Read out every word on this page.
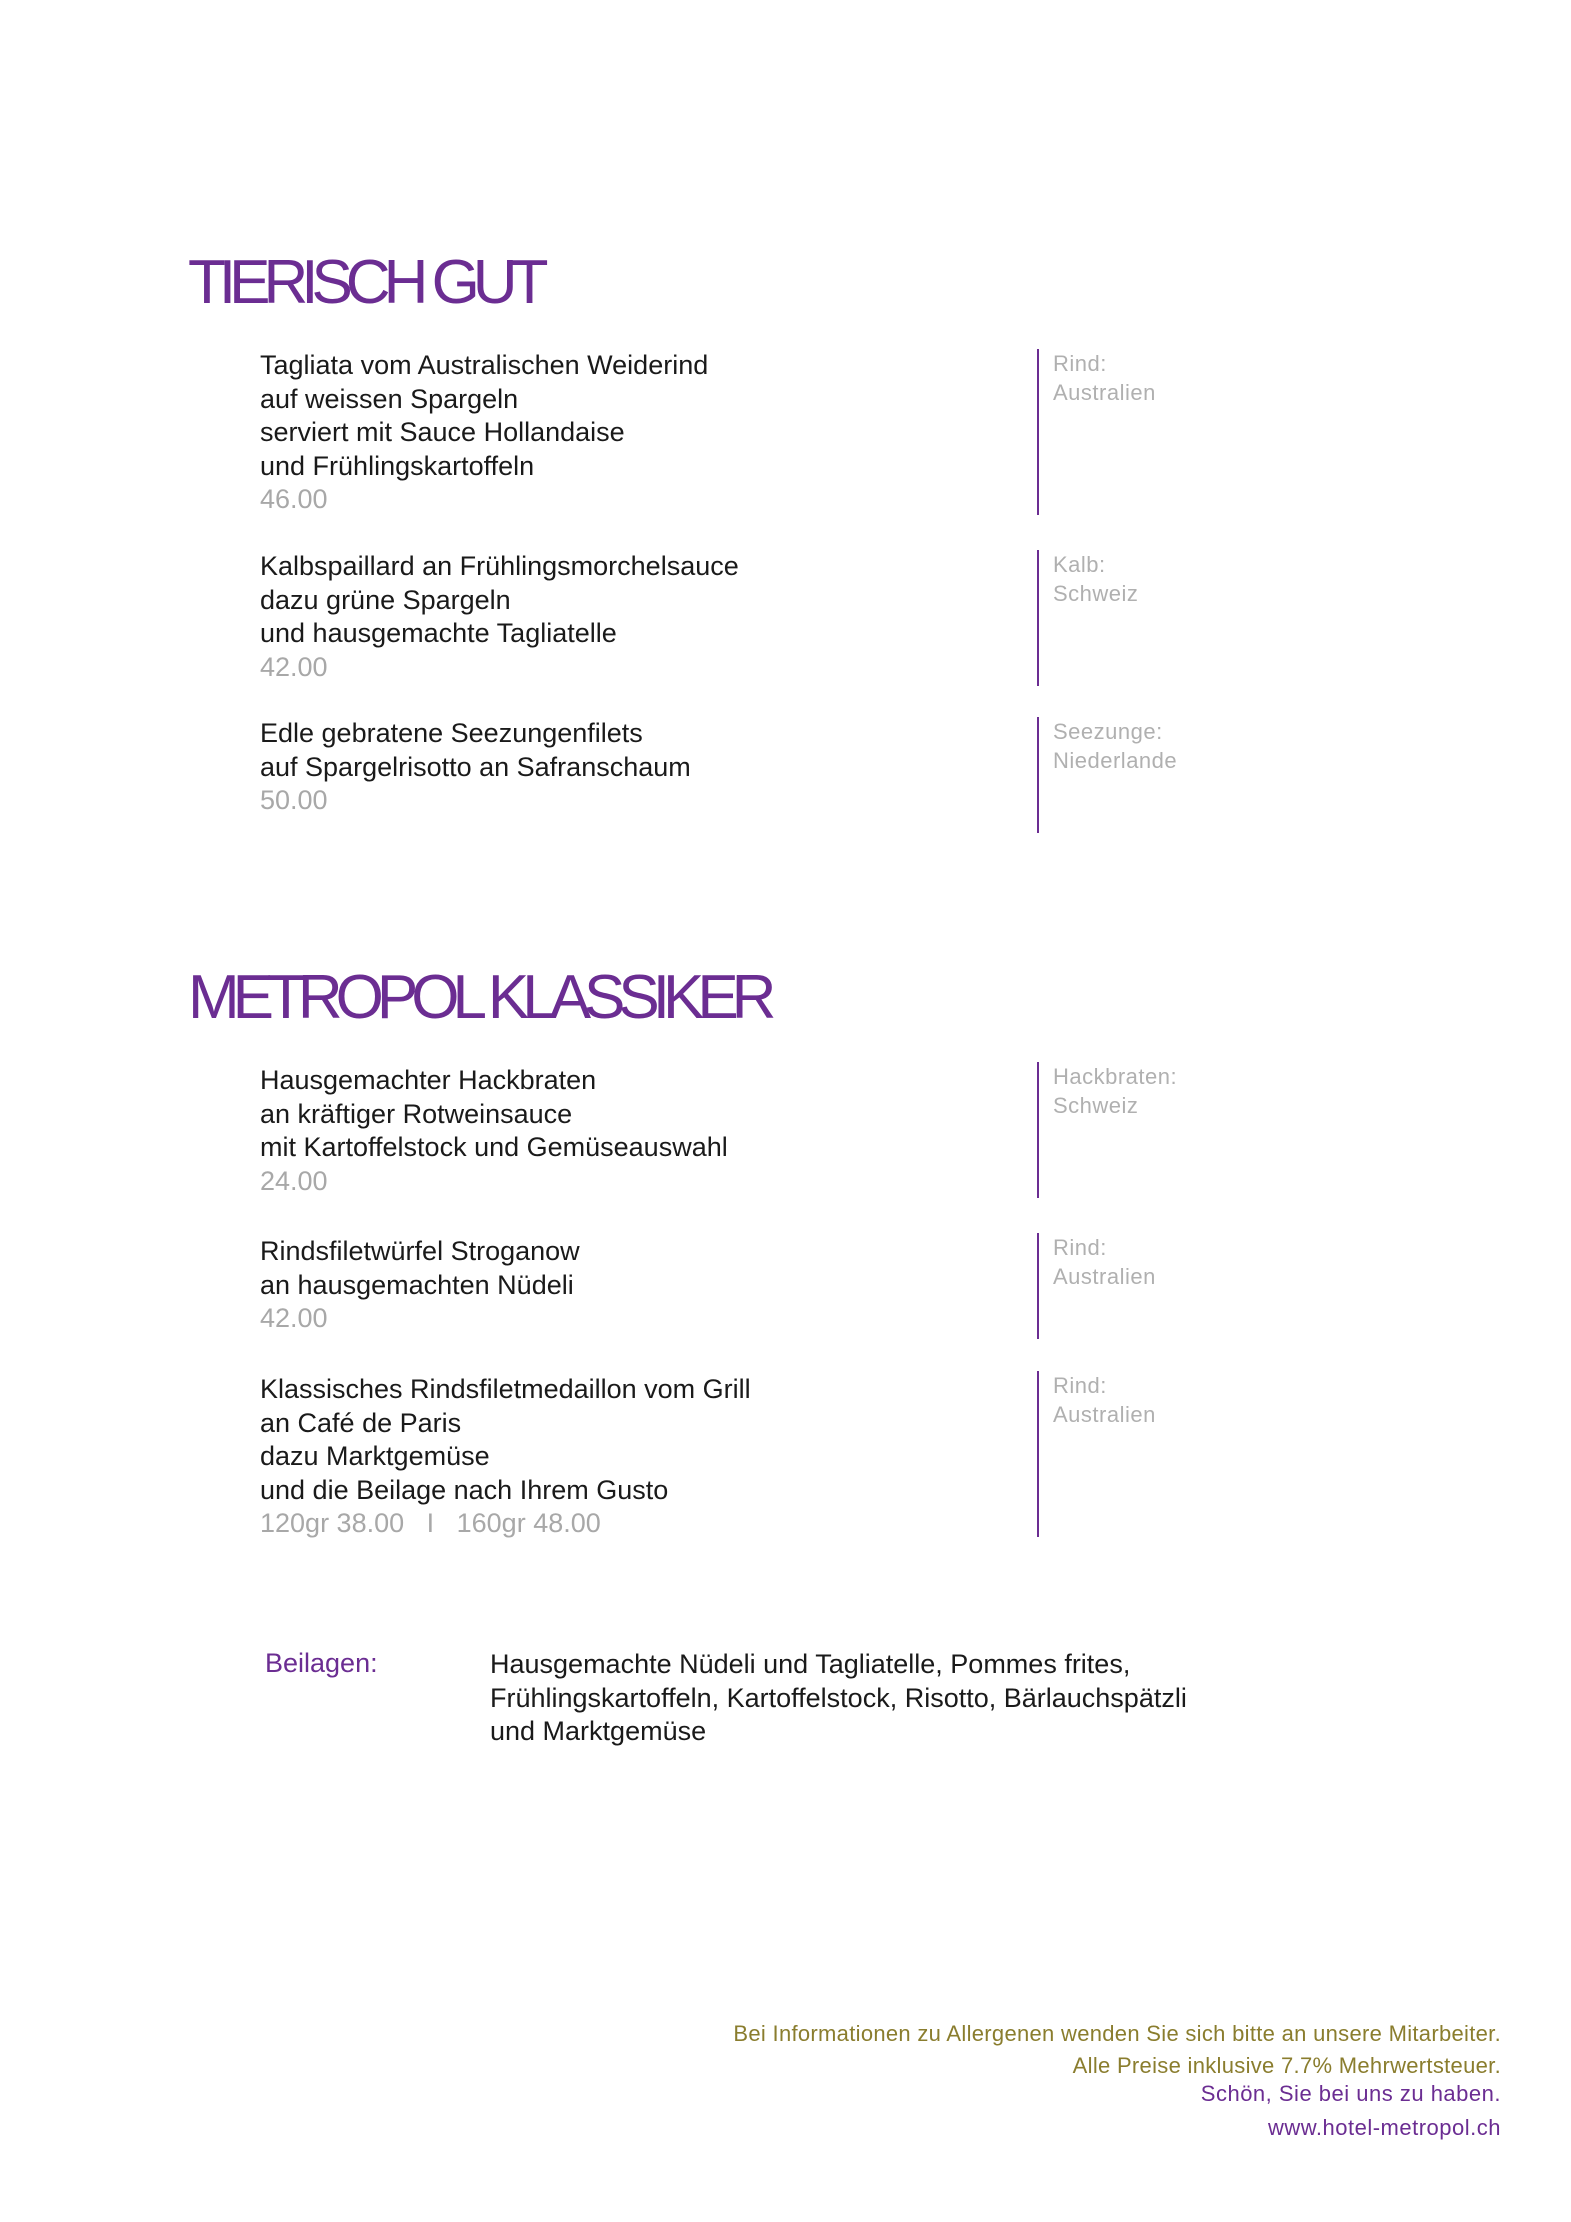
TIERISCH GUT
Tagliata vom Australischen Weiderind
auf weissen Spargeln
serviert mit Sauce Hollandaise
und Frühlingskartoffeln
46.00
Rind:
Australien
Kalbspaillard an Frühlingsmorchelsauce
dazu grüne Spargeln
und hausgemachte Tagliatelle
42.00
Kalb:
Schweiz
Edle gebratene Seezungenfilets
auf Spargelrisotto an Safranschaum
50.00
Seezunge:
Niederlande
METROPOL KLASSIKER
Hausgemachter Hackbraten
an kräftiger Rotweinsauce
mit Kartoffelstock und Gemüseauswahl
24.00
Hackbraten:
Schweiz
Rindsfiletwürfel Stroganow
an hausgemachten Nüdeli
42.00
Rind:
Australien
Klassisches Rindsfiletmedaillon vom Grill
an Café de Paris
dazu Marktgemüse
und die Beilage nach Ihrem Gusto
120gr 38.00   I   160gr 48.00
Rind:
Australien
Beilagen:	Hausgemachte Nüdeli und Tagliatelle, Pommes frites,
Frühlingskartoffeln, Kartoffelstock, Risotto, Bärlauchspätzli
und Marktgemüse
Bei Informationen zu Allergenen wenden Sie sich bitte an unsere Mitarbeiter.
Alle Preise inklusive 7.7% Mehrwertsteuer.
Schön, Sie bei uns zu haben.
www.hotel-metropol.ch
